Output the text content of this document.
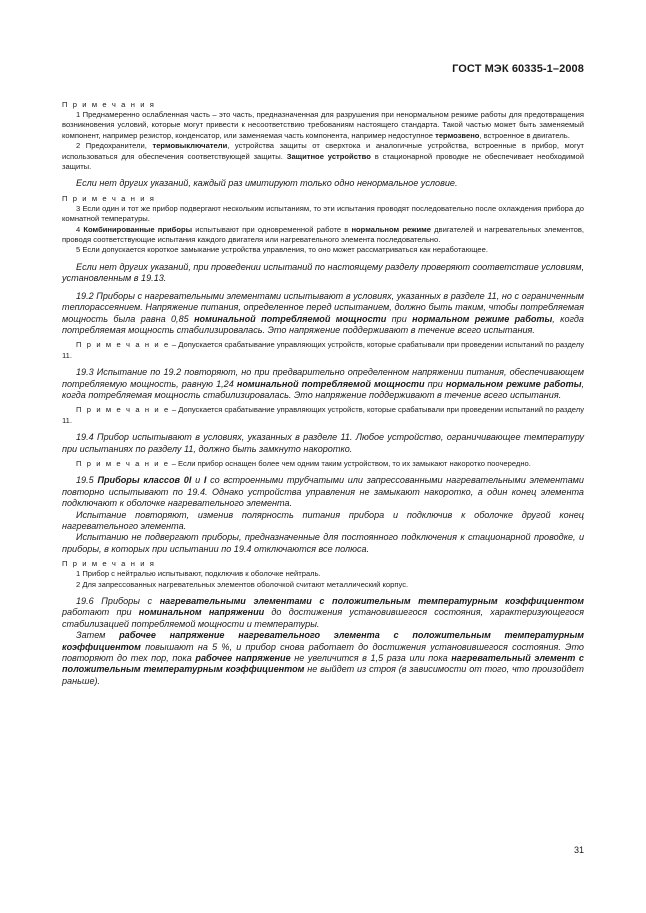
ГОСТ МЭК 60335-1–2008

П р и м е ч а н и я

1 Преднамеренно ослабленная часть – это часть, предназначенная для разрушения при ненормальном режиме работы для предотвращения возникновения условий, которые могут привести к несоответствию требованиям настоящего стандарта. Такой частью может быть заменяемый компонент, например резистор, конденсатор, или заменяемая часть компонента, например недоступное термозвено, встроенное в двигатель.

2 Предохранители, термовыключатели, устройства защиты от сверхтока и аналогичные устройства, встроенные в прибор, могут использоваться для обеспечения соответствующей защиты. Защитное устройство в стационарной проводке не обеспечивает необходимой защиты.

Если нет других указаний, каждый раз имитируют только одно ненормальное условие.

П р и м е ч а н и я

3 Если один и тот же прибор подвергают нескольким испытаниям, то эти испытания проводят последовательно после охлаждения прибора до комнатной температуры.

4 Комбинированные приборы испытывают при одновременной работе в нормальном режиме двигателей и нагревательных элементов, проводя соответствующие испытания каждого двигателя или нагревательного элемента последовательно.

5 Если допускается короткое замыкание устройства управления, то оно может рассматриваться как неработающее.

Если нет других указаний, при проведении испытаний по настоящему разделу проверяют соответствие условиям, установленным в 19.13.

19.2 Приборы с нагревательными элементами испытывают в условиях, указанных в разделе 11, но с ограниченным теплорассеянием. Напряжение питания, определенное перед испытанием, должно быть таким, чтобы потребляемая мощность была равна 0,85 номинальной потребляемой мощности при нормальном режиме работы, когда потребляемая мощность стабилизировалась. Это напряжение поддерживают в течение всего испытания.

П р и м е ч а н и е – Допускается срабатывание управляющих устройств, которые срабатывали при проведении испытаний по разделу 11.

19.3 Испытание по 19.2 повторяют, но при предварительно определенном напряжении питания, обеспечивающем потребляемую мощность, равную 1,24 номинальной потребляемой мощности при нормальном режиме работы, когда потребляемая мощность стабилизировалась. Это напряжение поддерживают в течение всего испытания.

П р и м е ч а н и е – Допускается срабатывание управляющих устройств, которые срабатывали при проведении испытаний по разделу 11.

19.4 Прибор испытывают в условиях, указанных в разделе 11. Любое устройство, ограничивающее температуру при испытаниях по разделу 11, должно быть замкнуто накоротко.

П р и м е ч а н и е – Если прибор оснащен более чем одним таким устройством, то их замыкают накоротко поочередно.

19.5 Приборы классов 0I и I со встроенными трубчатыми или запрессованными нагревательными элементами повторно испытывают по 19.4. Однако устройства управления не замыкают накоротко, а один конец элемента подключают к оболочке нагревательного элемента.

Испытание повторяют, изменив полярность питания прибора и подключив к оболочке другой конец нагревательного элемента.

Испытанию не подвергают приборы, предназначенные для постоянного подключения к стационарной проводке, и приборы, в которых при испытании по 19.4 отключаются все полюса.

П р и м е ч а н и я

1 Прибор с нейтралью испытывают, подключив к оболочке нейтраль.

2 Для запрессованных нагревательных элементов оболочкой считают металлический корпус.

19.6 Приборы с нагревательными элементами с положительным температурным коэффициентом работают при номинальном напряжении до достижения установившегося состояния, характеризующегося стабилизацией потребляемой мощности и температуры.

Затем рабочее напряжение нагревательного элемента с положительным температурным коэффициентом повышают на 5 %, и прибор снова работает до достижения установившегося состояния. Это повторяют до тех пор, пока рабочее напряжение не увеличится в 1,5 раза или пока нагревательный элемент с положительным температурным коэффициентом не выйдет из строя (в зависимости от того, что произойдет раньше).

31
